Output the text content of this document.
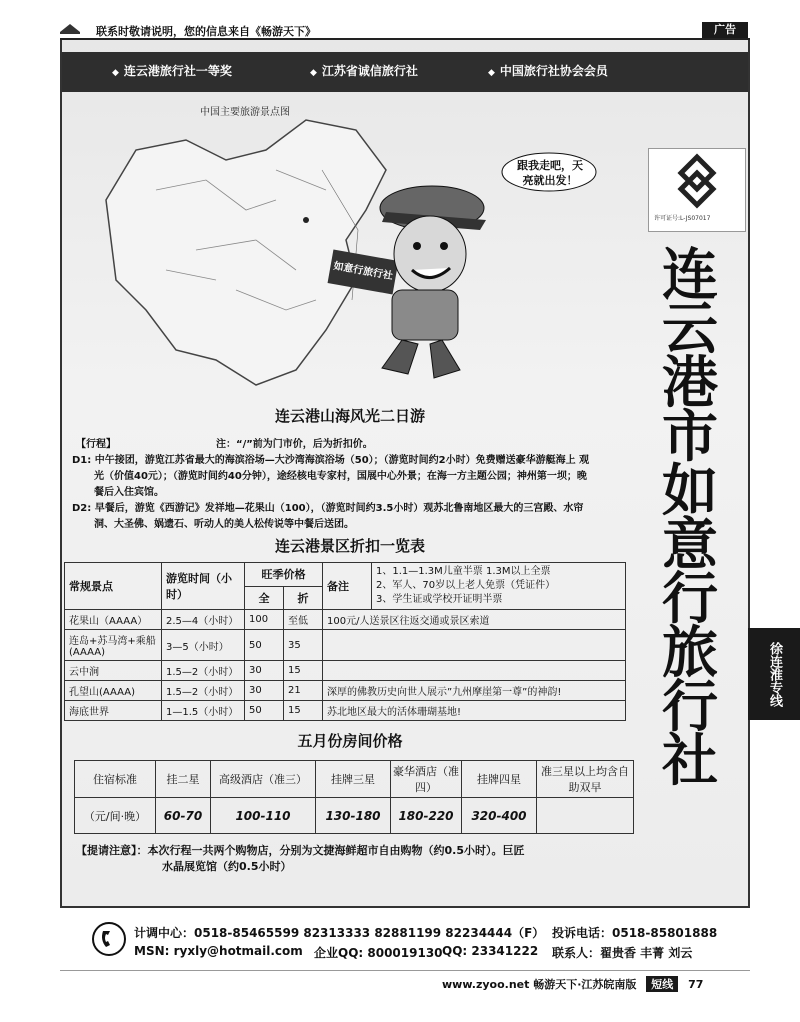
联系时敬请说明，您的信息来自《畅游天下》	广告
◆ 连云港旅行社一等奖	◆ 江苏省诚信旅行社	◆ 中国旅行社协会会员
中国主要旅游景点图
如意行旅行社
跟我走吧，天
亮就出发！
许可证号:L-JS07017
连
云
港
市
如
意
行
旅
行
社
徐连淮专线
连云港山海风光二日游
【行程】	注：“/”前为门市价，后为折扣价。
D1: 中午接团，游览江苏省最大的海滨浴场—大沙湾海滨浴场（50）；（游览时间约2小时）免费赠送豪华游艇海上 观
光（价值40元）；（游览时间约40分钟），途经核电专家村，国展中心外景；在海一方主题公园；神州第一坝；晚
餐后入住宾馆。
D2: 早餐后，游览《西游记》发祥地—花果山（100），（游览时间约3.5小时）观苏北鲁南地区最大的三宫殿、水帘
洞、大圣佛、娲遗石、听动人的美人松传说等中餐后送团。
连云港景区折扣一览表
常规景点	游览时间（小时）	旺季价格		备注	1、1.1—1.3M儿童半票 1.3M以上全票
2、军人、70岁以上老人免票（凭证件）
3、学生证或学校开证明半票

		全	折		
花果山（AAAA）	2.5—4（小时）	100	至低	100元/人送景区往返交通或景区索道	
连岛+苏马湾+乘船(AAAA)	3—5（小时）	50	35		
云中涧	1.5—2（小时）	30	15		
孔望山(AAAA)	1.5—2（小时）	30	21	深厚的佛教历史向世人展示”九州摩崖第一尊”的神韵!	
海底世界	1—1.5（小时）	50	15	苏北地区最大的活体珊瑚基地!	
五月份房间价格
住宿标准	挂二星	高级酒店（准三）	挂牌三星	豪华酒店（准四）	挂牌四星	准三星以上均含自助双早
（元/间·晚）	60-70	100-110	130-180	180-220	320-400	
【提请注意】：本次行程一共两个购物店，分别为文捷海鲜超市自由购物（约0.5小时）。巨匠
水晶展览馆（约0.5小时）
计调中心：0518-85465599 82313333 82881199 82234444（F） 投诉电话：0518-85801888
MSN: ryxly@hotmail.com 企业QQ: 800019130 QQ: 23341222 联系人：翟贵香 丰菁 刘云
www.zyoo.net 畅游天下·江苏皖南版 短线 77
